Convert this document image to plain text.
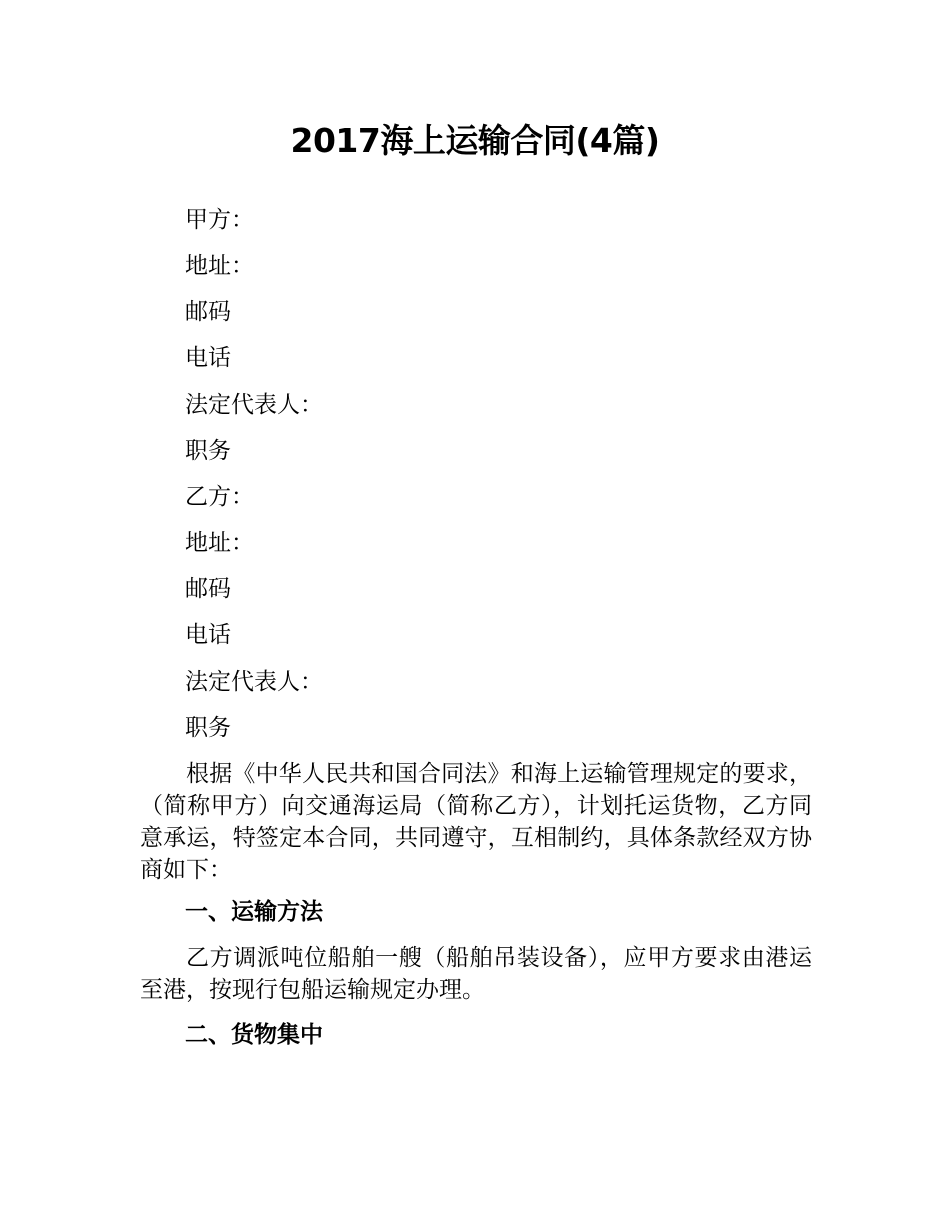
2017海上运输合同(4篇)
甲方：
地址：
邮码
电话
法定代表人：
职务
乙方：
地址：
邮码
电话
法定代表人：
职务
根据《中华人民共和国合同法》和海上运输管理规定的要求，（简称甲方）向交通海运局（简称乙方），计划托运货物，乙方同意承运，特签定本合同，共同遵守，互相制约，具体条款经双方协商如下：
一、运输方法
乙方调派吨位船舶一艘（船舶吊装设备），应甲方要求由港运至港，按现行包船运输规定办理。
二、货物集中
